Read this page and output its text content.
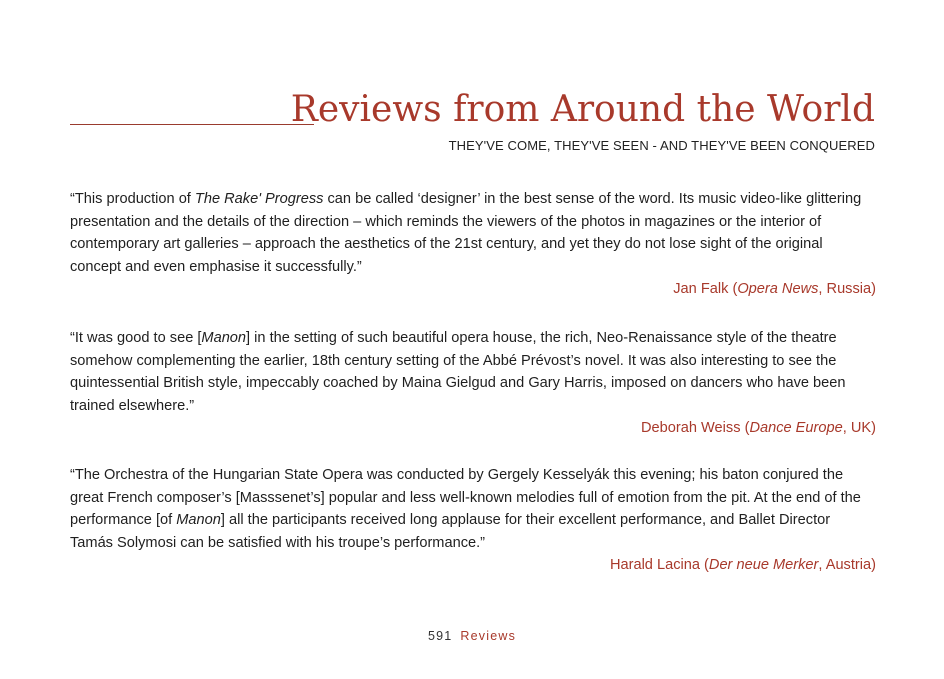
Reviews from Around the World
THEY'VE COME, THEY'VE SEEN - AND THEY'VE BEEN CONQUERED

“This production of The Rake' Progress can be called ‘designer’ in the best sense of the word. Its music video-like glittering presentation and the details of the direction – which reminds the viewers of the photos in magazines or the interior of contemporary art galleries – approach the aesthetics of the 21st century, and yet they do not lose sight of the original concept and even emphasise it successfully.”

Jan Falk (Opera News, Russia)

“It was good to see [Manon] in the setting of such beautiful opera house, the rich, Neo-Renaissance style of the theatre somehow complementing the earlier, 18th century setting of the Abbé Prévost’s novel. It was also interesting to see the quintessential British style, impeccably coached by Maina Gielgud and Gary Harris, imposed on dancers who have been trained elsewhere.”

Deborah Weiss (Dance Europe, UK)

“The Orchestra of the Hungarian State Opera was conducted by Gergely Kesselyák this evening; his baton conjured the great French composer’s [Masssenet’s] popular and less well-known melodies full of emotion from the pit. At the end of the performance [of Manon] all the participants received long applause for their excellent performance, and Ballet Director Tamás Solymosi can be satisfied with his troupe’s performance.”

Harald Lacina (Der neue Merker, Austria)

591 Reviews
